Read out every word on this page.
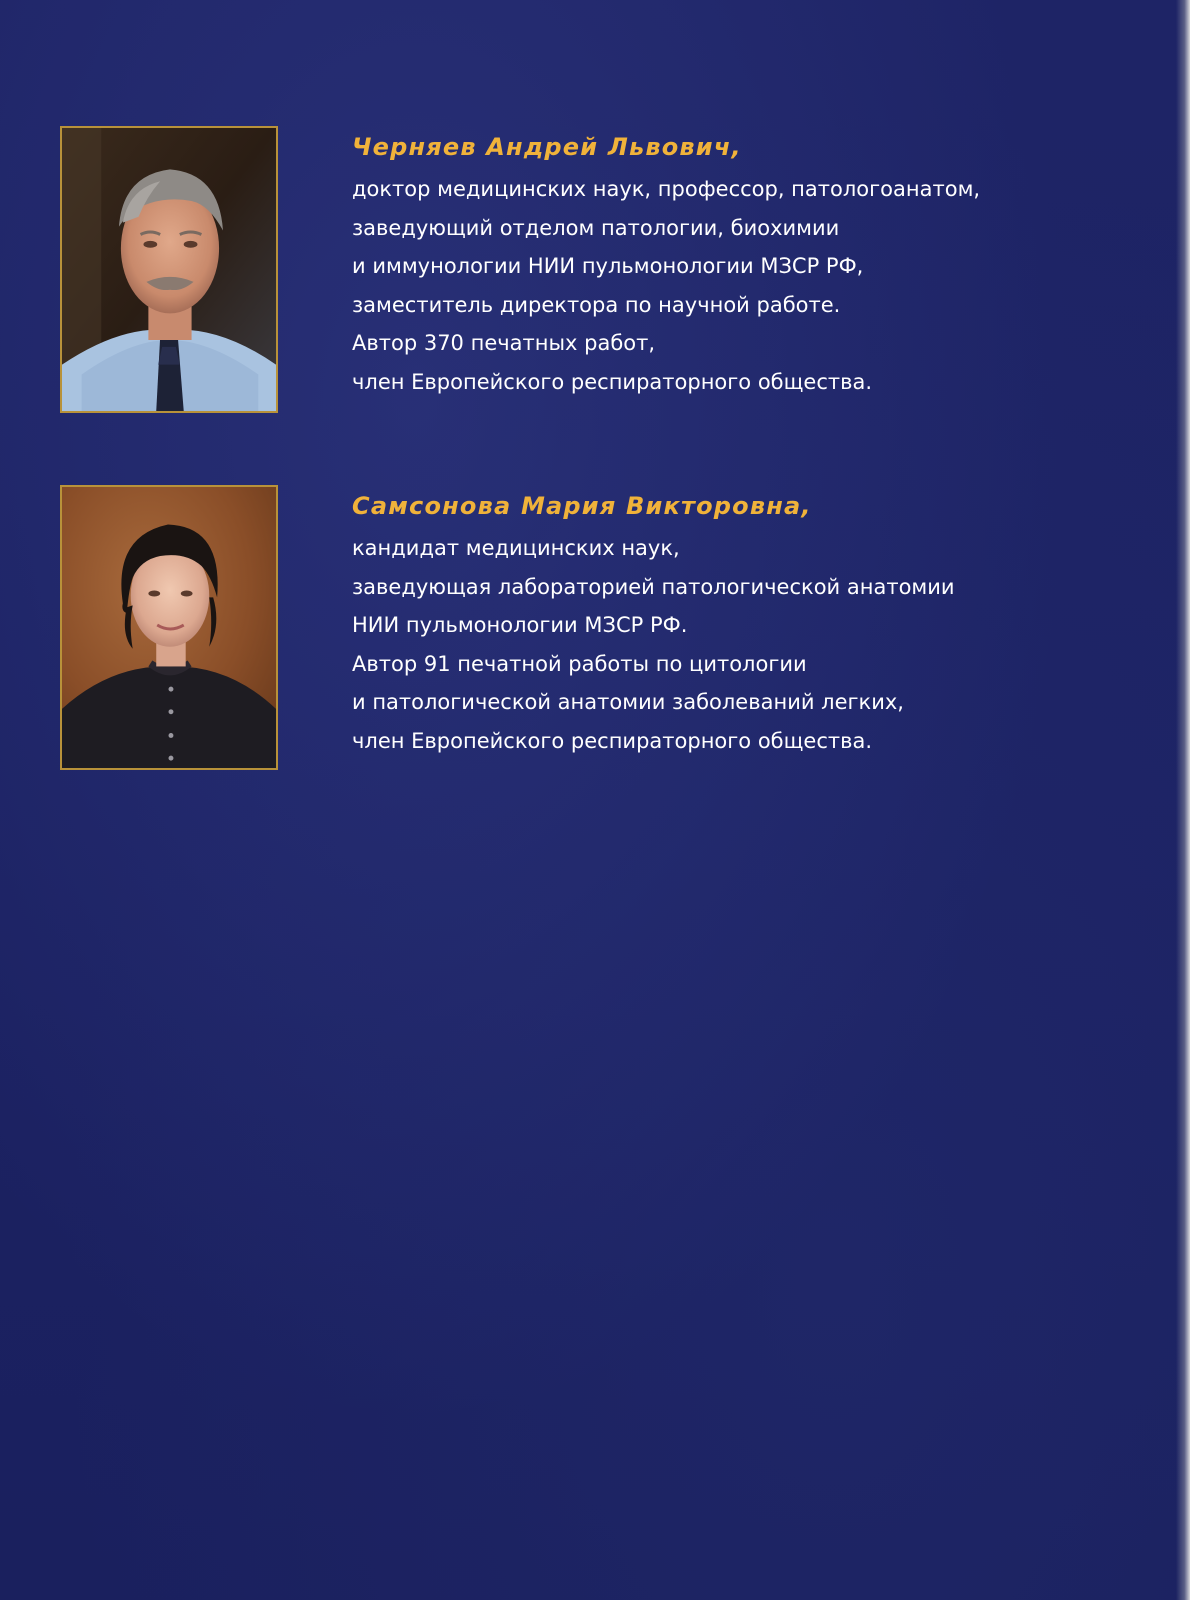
Черняев Андрей Львович,

доктор медицинских наук, профессор, патологоанатом,

заведующий отделом патологии, биохимии

и иммунологии НИИ пульмонологии МЗСР РФ,

заместитель директора по научной работе.

Автор 370 печатных работ,

член Европейского респираторного общества.

Самсонова Мария Викторовна,

кандидат медицинских наук,

заведующая лабораторией патологической анатомии

НИИ пульмонологии МЗСР РФ.

Автор 91 печатной работы по цитологии

и патологической анатомии заболеваний легких,

член Европейского респираторного общества.
